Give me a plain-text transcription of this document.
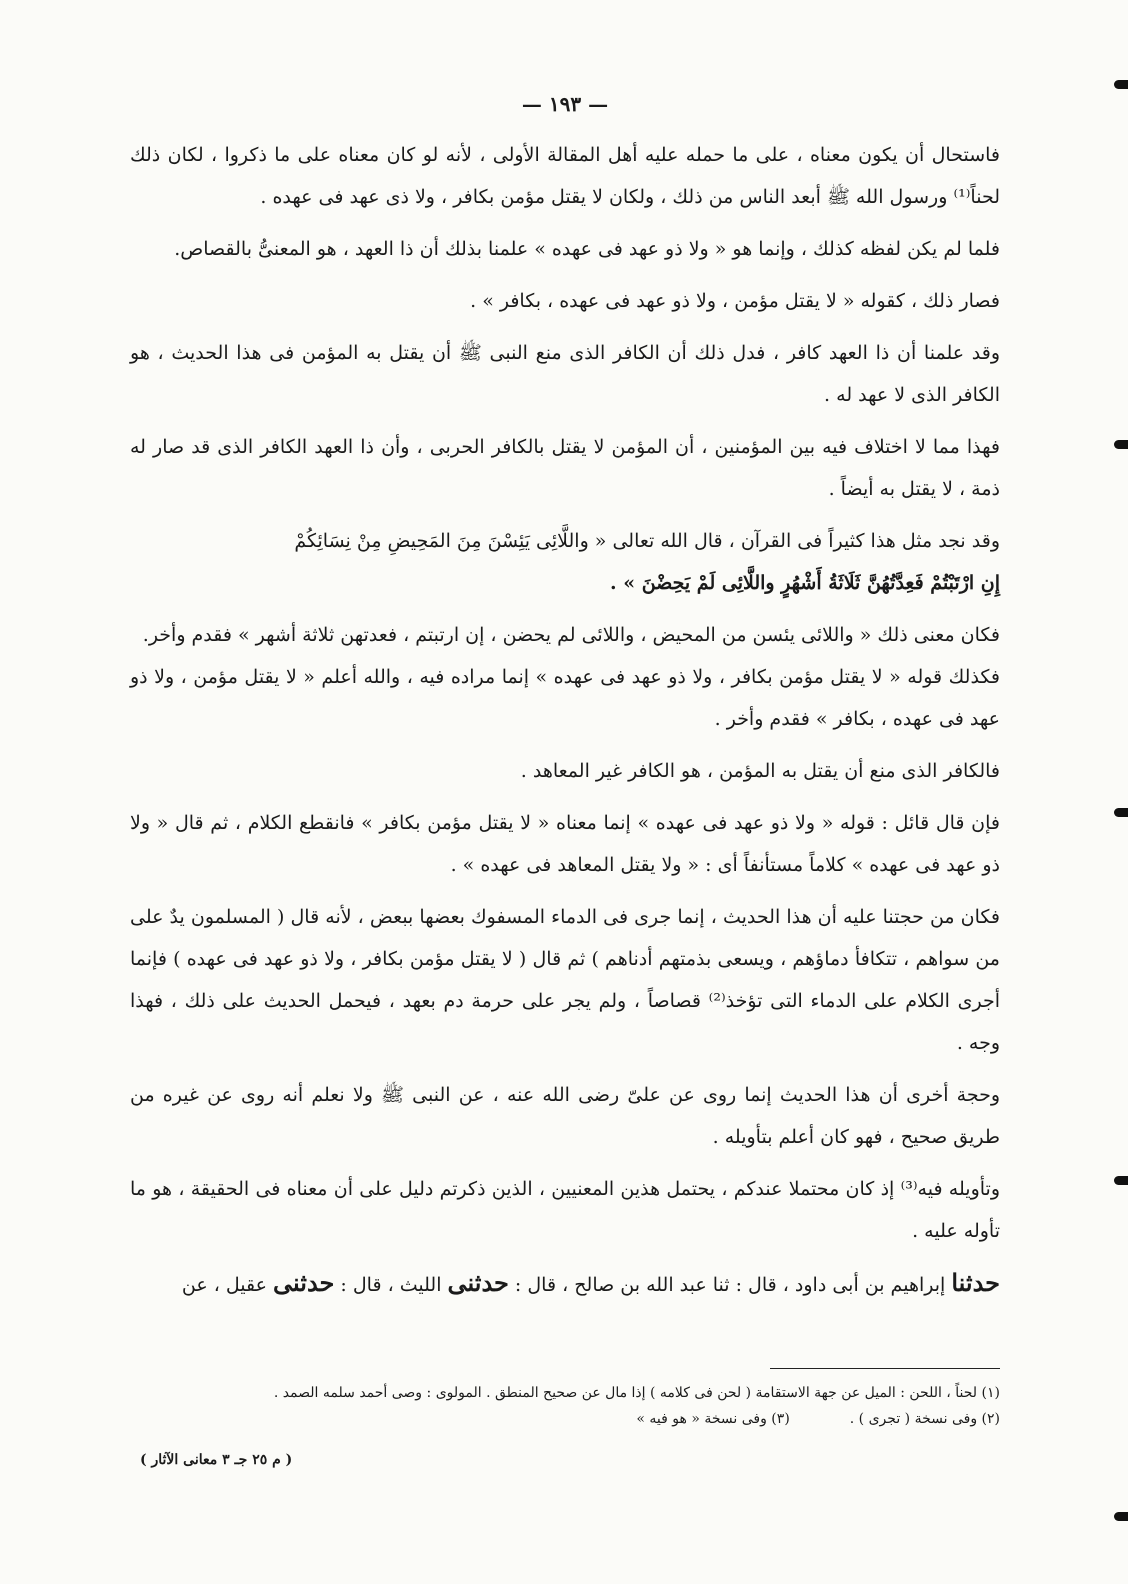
— ١٩٣ —

فاستحال أن يكون معناه ، على ما حمله عليه أهل المقالة الأولى ، لأنه لو كان معناه على ما ذكروا ، لكان ذلك لحناً⁽¹⁾ ورسول الله ﷺ أبعد الناس من ذلك ، ولكان لا يقتل مؤمن بكافر ، ولا ذى عهد فى عهده .

فلما لم يكن لفظه كذلك ، وإنما هو « ولا ذو عهد فى عهده » علمنا بذلك أن ذا العهد ، هو المعنىُّ بالقصاص.

فصار ذلك ، كقوله « لا يقتل مؤمن ، ولا ذو عهد فى عهده ، بكافر » .

وقد علمنا أن ذا العهد كافر ، فدل ذلك أن الكافر الذى منع النبى ﷺ أن يقتل به المؤمن فى هذا الحديث ، هو الكافر الذى لا عهد له .

فهذا مما لا اختلاف فيه بين المؤمنين ، أن المؤمن لا يقتل بالكافر الحربى ، وأن ذا العهد الكافر الذى قد صار له ذمة ، لا يقتل به أيضاً .

وقد نجد مثل هذا كثيراً فى القرآن ، قال الله تعالى « واللَّائِى يَئِسْنَ مِنَ المَحِيضِ مِنْ نِسَائِكُمْ

إِنِ ارْتَبْتُمْ فَعِدَّتُهُنَّ ثَلَاثَةُ أَشْهُرٍ واللَّائِى لَمْ يَحِضْنَ » .

فكان معنى ذلك « واللائى يئسن من المحيض ، واللائى لم يحضن ، إن ارتبتم ، فعدتهن ثلاثة أشهر » فقدم وأخر.

فكذلك قوله « لا يقتل مؤمن بكافر ، ولا ذو عهد فى عهده » إنما مراده فيه ، والله أعلم « لا يقتل مؤمن ، ولا ذو عهد فى عهده ، بكافر » فقدم وأخر .

فالكافر الذى منع أن يقتل به المؤمن ، هو الكافر غير المعاهد .

فإن قال قائل : قوله « ولا ذو عهد فى عهده » إنما معناه « لا يقتل مؤمن بكافر » فانقطع الكلام ، ثم قال « ولا ذو عهد فى عهده » كلاماً مستأنفاً أى : « ولا يقتل المعاهد فى عهده » .

فكان من حجتنا عليه أن هذا الحديث ، إنما جرى فى الدماء المسفوك بعضها ببعض ، لأنه قال ( المسلمون يدٌ على من سواهم ، تتكافأ دماؤهم ، ويسعى بذمتهم أدناهم ) ثم قال ( لا يقتل مؤمن بكافر ، ولا ذو عهد فى عهده ) فإنما أجرى الكلام على الدماء التى تؤخذ⁽²⁾ قصاصاً ، ولم يجر على حرمة دم بعهد ، فيحمل الحديث على ذلك ، فهذا وجه .

وحجة أخرى أن هذا الحديث إنما روى عن علىّ رضى الله عنه ، عن النبى ﷺ ولا نعلم أنه روى عن غيره من طريق صحيح ، فهو كان أعلم بتأويله .

وتأويله فيه⁽³⁾ إذ كان محتملا عندكم ، يحتمل هذين المعنيين ، الذين ذكرتم دليل على أن معناه فى الحقيقة ، هو ما تأوله عليه .

حدثنا إبراهيم بن أبى داود ، قال : ثنا عبد الله بن صالح ، قال : حدثنى الليث ، قال : حدثنى عقيل ، عن

(١) لحناً ، اللحن : الميل عن جهة الاستقامة ( لحن فى كلامه ) إذا مال عن صحيح المنطق . المولوى : وصى أحمد سلمه الصمد .
(٢) وفى نسخة ( تجرى ) .
(٣) وفى نسخة « هو فيه »
( م ٢٥ جـ ٣ معانى الآثار )
